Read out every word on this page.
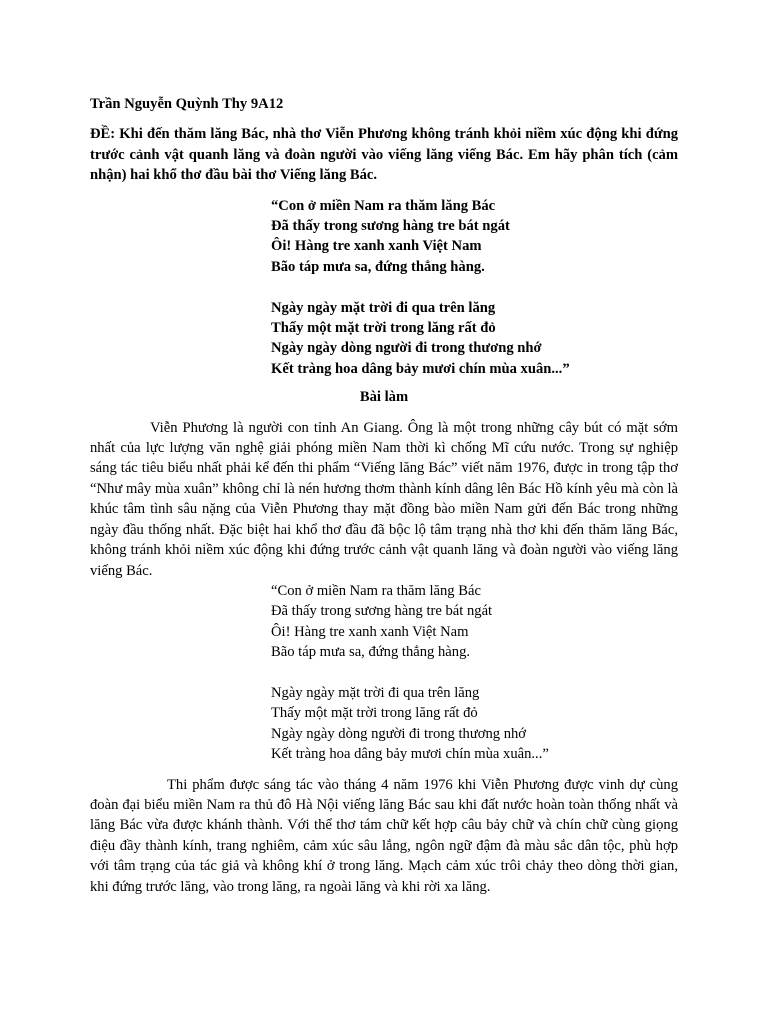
Trần Nguyễn Quỳnh Thy 9A12
ĐỀ: Khi đến thăm lăng Bác, nhà thơ Viễn Phương không tránh khỏi niềm xúc động khi đứng trước cảnh vật quanh lăng và đoàn người vào viếng lăng viếng Bác. Em hãy phân tích (cảm nhận) hai khổ thơ đầu bài thơ Viếng lăng Bác.
“Con ở miền Nam ra thăm lăng Bác
Đã thấy trong sương hàng tre bát ngát
Ôi! Hàng tre xanh xanh Việt Nam
Bão táp mưa sa, đứng thẳng hàng.
Ngày ngày mặt trời đi qua trên lăng
Thấy một mặt trời trong lăng rất đỏ
Ngày ngày dòng người đi trong thương nhớ
Kết tràng hoa dâng bảy mươi chín mùa xuân...”
Bài làm

Viễn Phương là người con tỉnh An Giang. Ông là một trong những cây bút có mặt sớm nhất của lực lượng văn nghệ giải phóng miền Nam thời kì chống Mĩ cứu nước. Trong sự nghiệp sáng tác tiêu biểu nhất phải kể đến thi phẩm “Viếng lăng Bác” viết năm 1976, được in trong tập thơ “Như mây mùa xuân” không chỉ là nén hương thơm thành kính dâng lên Bác Hồ kính yêu mà còn là khúc tâm tình sâu nặng của Viễn Phương thay mặt đồng bào miền Nam gửi đến Bác trong những ngày đầu thống nhất. Đặc biệt hai khổ thơ đầu đã bộc lộ tâm trạng nhà thơ khi đến thăm lăng Bác, không tránh khỏi niềm xúc động khi đứng trước cảnh vật quanh lăng và đoàn người vào viếng lăng viếng Bác.

“Con ở miền Nam ra thăm lăng Bác
Đã thấy trong sương hàng tre bát ngát
Ôi! Hàng tre xanh xanh Việt Nam
Bão táp mưa sa, đứng thẳng hàng.
Ngày ngày mặt trời đi qua trên lăng
Thấy một mặt trời trong lăng rất đỏ
Ngày ngày dòng người đi trong thương nhớ
Kết tràng hoa dâng bảy mươi chín mùa xuân...”

Thi phẩm được sáng tác vào tháng 4 năm 1976 khi Viễn Phương được vinh dự cùng đoàn đại biểu miền Nam ra thủ đô Hà Nội viếng lăng Bác sau khi đất nước hoàn toàn thống nhất và lăng Bác vừa được khánh thành. Với thể thơ tám chữ kết hợp câu bảy chữ và chín chữ cùng giọng điệu đầy thành kính, trang nghiêm, cảm xúc sâu lắng, ngôn ngữ đậm đà màu sắc dân tộc, phù hợp với tâm trạng của tác giả và không khí ở trong lăng. Mạch cảm xúc trôi chảy theo dòng thời gian, khi đứng trước lăng, vào trong lăng, ra ngoài lăng và khi rời xa lăng.
